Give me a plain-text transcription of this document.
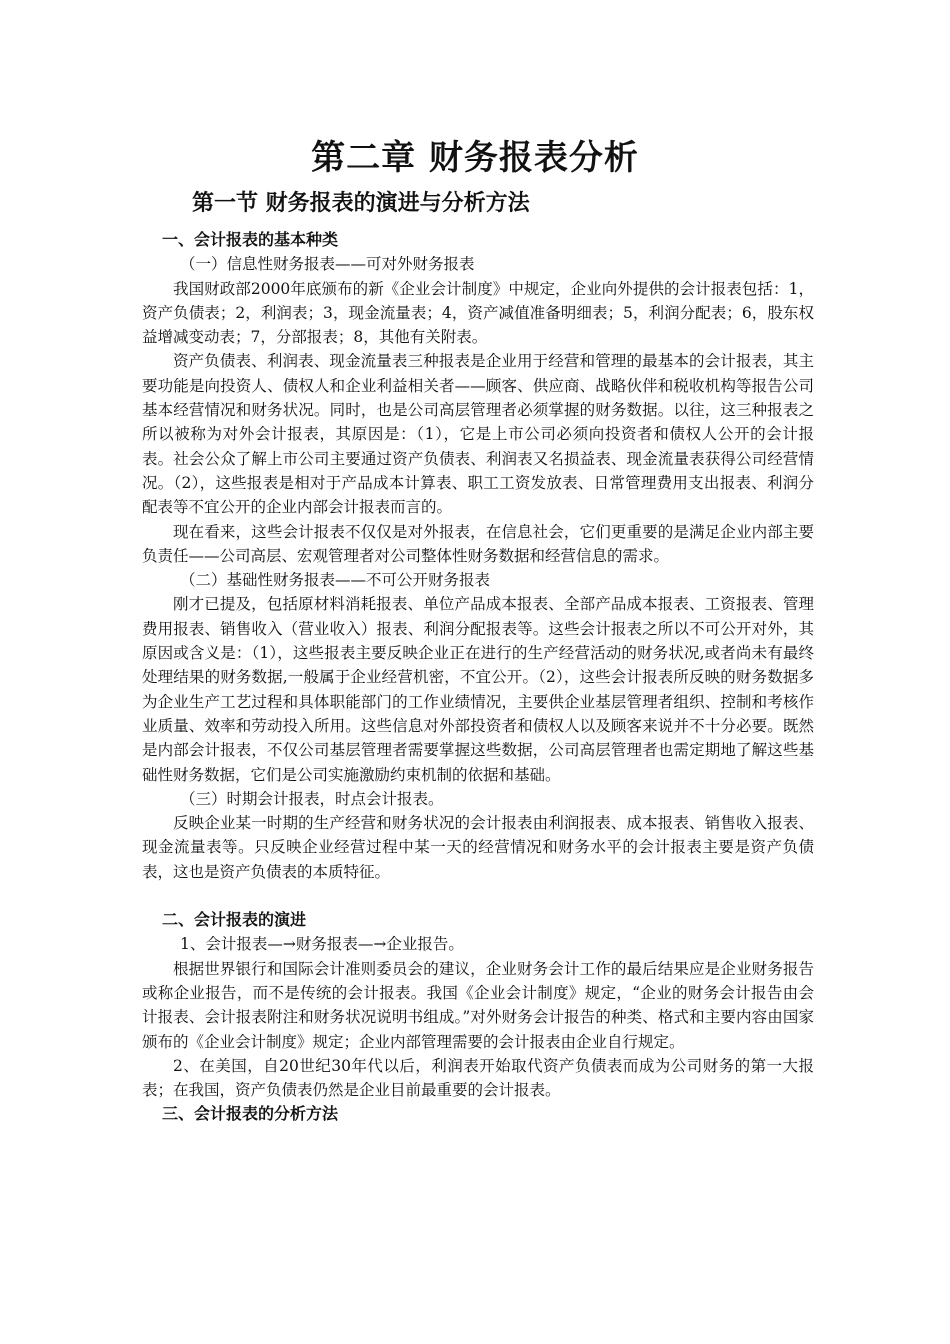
第二章 财务报表分析
第一节 财务报表的演进与分析方法

一、会计报表的基本种类

（一）信息性财务报表——可对外财务报表

我国财政部2000年底颁布的新《企业会计制度》中规定，企业向外提供的会计报表包括：1，资产负债表；2，利润表；3，现金流量表；4，资产减值准备明细表；5，利润分配表；6，股东权益增减变动表；7，分部报表；8，其他有关附表。

资产负债表、利润表、现金流量表三种报表是企业用于经营和管理的最基本的会计报表，其主要功能是向投资人、债权人和企业利益相关者——顾客、供应商、战略伙伴和税收机构等报告公司基本经营情况和财务状况。同时，也是公司高层管理者必须掌握的财务数据。以往，这三种报表之所以被称为对外会计报表，其原因是：（1），它是上市公司必须向投资者和债权人公开的会计报表。社会公众了解上市公司主要通过资产负债表、利润表又名损益表、现金流量表获得公司经营情况。（2），这些报表是相对于产品成本计算表、职工工资发放表、日常管理费用支出报表、利润分配表等不宜公开的企业内部会计报表而言的。

现在看来，这些会计报表不仅仅是对外报表，在信息社会，它们更重要的是满足企业内部主要负责任——公司高层、宏观管理者对公司整体性财务数据和经营信息的需求。

（二）基础性财务报表——不可公开财务报表

刚才已提及，包括原材料消耗报表、单位产品成本报表、全部产品成本报表、工资报表、管理费用报表、销售收入（营业收入）报表、利润分配报表等。这些会计报表之所以不可公开对外，其原因或含义是：（1），这些报表主要反映企业正在进行的生产经营活动的财务状况,或者尚未有最终处理结果的财务数据,一般属于企业经营机密，不宜公开。（2），这些会计报表所反映的财务数据多为企业生产工艺过程和具体职能部门的工作业绩情况，主要供企业基层管理者组织、控制和考核作业质量、效率和劳动投入所用。这些信息对外部投资者和债权人以及顾客来说并不十分必要。既然是内部会计报表，不仅公司基层管理者需要掌握这些数据，公司高层管理者也需定期地了解这些基础性财务数据，它们是公司实施激励约束机制的依据和基础。

（三）时期会计报表，时点会计报表。

反映企业某一时期的生产经营和财务状况的会计报表由利润报表、成本报表、销售收入报表、现金流量表等。只反映企业经营过程中某一天的经营情况和财务水平的会计报表主要是资产负债表，这也是资产负债表的本质特征。

二、会计报表的演进

1、会计报表—→财务报表—→企业报告。

根据世界银行和国际会计准则委员会的建议，企业财务会计工作的最后结果应是企业财务报告或称企业报告，而不是传统的会计报表。我国《企业会计制度》规定，“企业的财务会计报告由会计报表、会计报表附注和财务状况说明书组成。”对外财务会计报告的种类、格式和主要内容由国家颁布的《企业会计制度》规定；企业内部管理需要的会计报表由企业自行规定。

2、在美国，自20世纪30年代以后，利润表开始取代资产负债表而成为公司财务的第一大报表；在我国，资产负债表仍然是企业目前最重要的会计报表。

三、会计报表的分析方法
